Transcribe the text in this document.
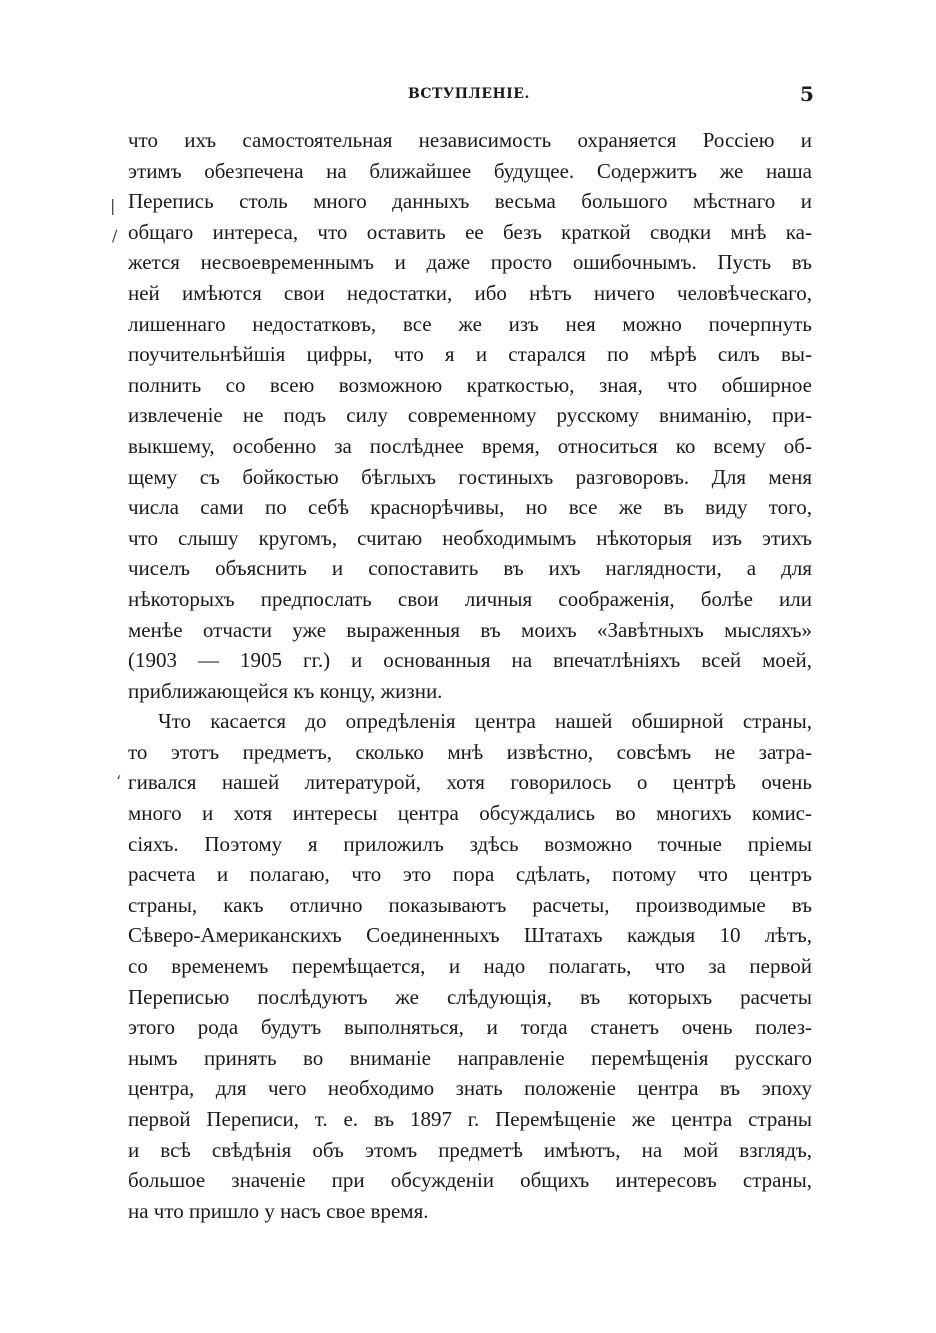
ВСТУПЛЕНІЕ.	5
|
/
‘
что ихъ самостоятельная независимость охраняется Россіею и
этимъ обезпечена на ближайшее будущее. Содержитъ же наша
Перепись столь много данныхъ весьма большого мѣстнаго и
общаго интереса, что оставить ее безъ краткой сводки мнѣ ка-
жется несвоевременнымъ и даже просто ошибочнымъ. Пусть въ
ней имѣются свои недостатки, ибо нѣтъ ничего человѣческаго,
лишеннаго недостатковъ, все же изъ нея можно почерпнуть
поучительнѣйшія цифры, что я и старался по мѣрѣ силъ вы-
полнить со всею возможною краткостью, зная, что обширное
извлеченіе не подъ силу современному русскому вниманію, при-
выкшему, особенно за послѣднее время, относиться ко всему об-
щему съ бойкостью бѣглыхъ гостиныхъ разговоровъ. Для меня
числа сами по себѣ краснорѣчивы, но все же въ виду того,
что слышу кругомъ, считаю необходимымъ нѣкоторыя изъ этихъ
чиселъ объяснить и сопоставить въ ихъ наглядности, а для
нѣкоторыхъ предпослать свои личныя соображенія, болѣе или
менѣе отчасти уже выраженныя въ моихъ «Завѣтныхъ мысляхъ»
(1903 — 1905 гг.) и основанныя на впечатлѣніяхъ всей моей,
приближающейся къ концу, жизни.
Что касается до опредѣленія центра нашей обширной страны,
то этотъ предметъ, сколько мнѣ извѣстно, совсѣмъ не затра-
гивался нашей литературой, хотя говорилось о центрѣ очень
много и хотя интересы центра обсуждались во многихъ комис-
сіяхъ. Поэтому я приложилъ здѣсь возможно точные пріемы
расчета и полагаю, что это пора сдѣлать, потому что центръ
страны, какъ отлично показываютъ расчеты, производимые въ
Сѣверо-Американскихъ Соединенныхъ Штатахъ каждыя 10 лѣтъ,
со временемъ перемѣщается, и надо полагать, что за первой
Переписью послѣдуютъ же слѣдующія, въ которыхъ расчеты
этого рода будутъ выполняться, и тогда станетъ очень полез-
нымъ принять во вниманіе направленіе перемѣщенія русскаго
центра, для чего необходимо знать положеніе центра въ эпоху
первой Переписи, т. е. въ 1897 г. Перемѣщеніе же центра страны
и всѣ свѣдѣнія объ этомъ предметѣ имѣютъ, на мой взглядъ,
большое значеніе при обсужденіи общихъ интересовъ страны,
на что пришло у насъ свое время.
